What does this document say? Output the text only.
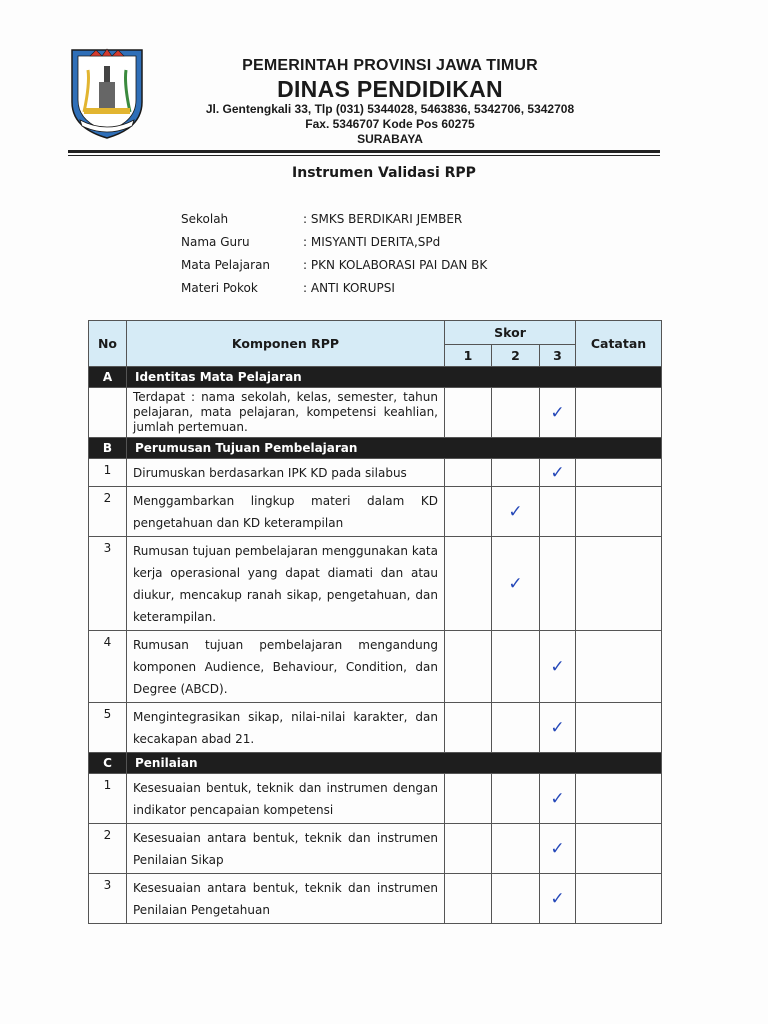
PEMERINTAH PROVINSI JAWA TIMUR
DINAS PENDIDIKAN
Jl. Gentengkali 33, Tlp (031) 5344028, 5463836, 5342706, 5342708
Fax. 5346707 Kode Pos 60275
SURABAYA
Instrumen Validasi RPP
Sekolah	: SMKS BERDIKARI JEMBER
Nama Guru	: MISYANTI DERITA,SPd
Mata Pelajaran	: PKN KOLABORASI PAI DAN BK
Materi Pokok	: ANTI KORUPSI
No	Komponen RPP	Skor			Catatan
		1	2	3	
A	Identitas Mata Pelajaran				
	Terdapat : nama sekolah, kelas, semester, tahun pelajaran, mata pelajaran, kompetensi keahlian, jumlah pertemuan.			✓	
B	Perumusan Tujuan Pembelajaran				
1	Dirumuskan berdasarkan IPK KD pada silabus			✓	
2	Menggambarkan lingkup materi dalam KD pengetahuan dan KD keterampilan		✓		
3	Rumusan tujuan pembelajaran menggunakan kata kerja operasional yang dapat diamati dan atau diukur, mencakup ranah sikap, pengetahuan, dan keterampilan.		✓		
4	Rumusan tujuan pembelajaran mengandung komponen Audience, Behaviour, Condition, dan Degree (ABCD).			✓	
5	Mengintegrasikan sikap, nilai-nilai karakter, dan kecakapan abad 21.			✓	
C	Penilaian				
1	Kesesuaian bentuk, teknik dan instrumen dengan indikator pencapaian kompetensi			✓	
2	Kesesuaian antara bentuk, teknik dan instrumen Penilaian Sikap			✓	
3	Kesesuaian antara bentuk, teknik dan instrumen Penilaian Pengetahuan			✓	
